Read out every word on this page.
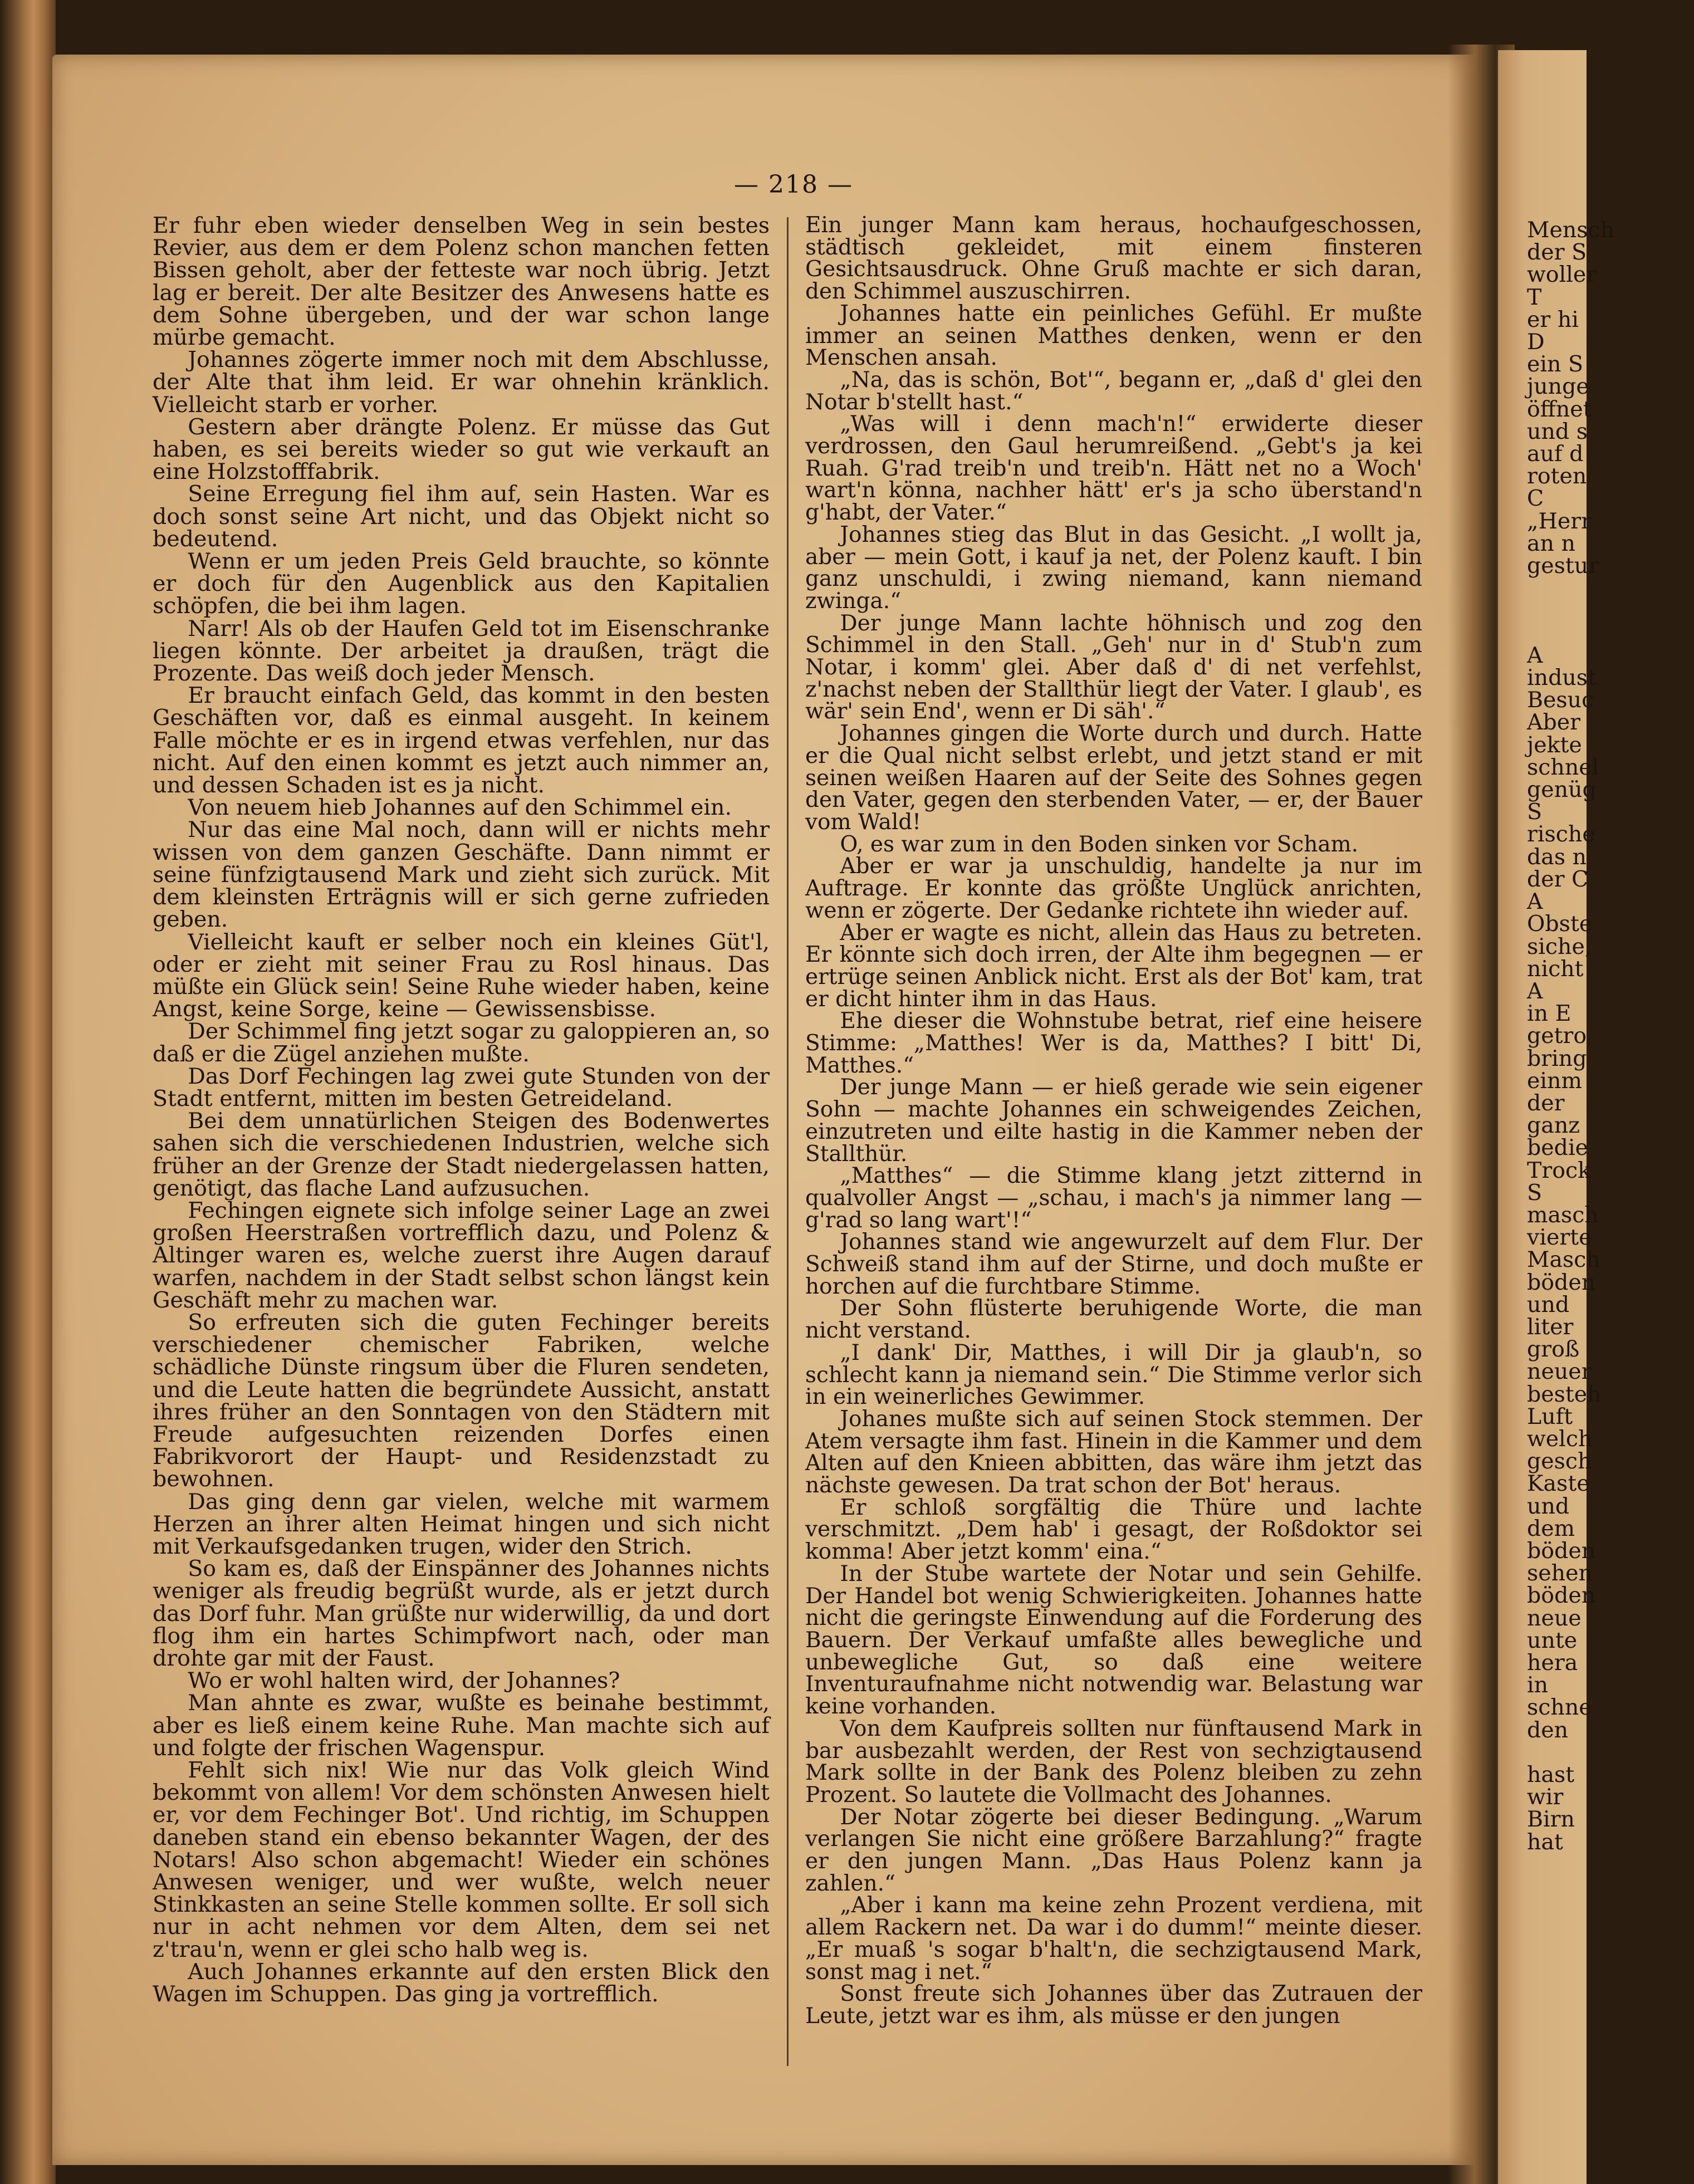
Mensch
der S
woller
T
er hi
D
ein S
junge
öffnet
und s
auf d
roten
C
„Herr
an n
gestur

A
indust
Besuc
Aber
jekte
schnel
genüg
S
rische
das n
der C
A
Obste
siche,
nicht
A
in E
getro
bring
einm
der
ganz
bedie
Trock
S
masch
vierte
Masch
böden
und
liter
groß
neuer
besteh
Luft
welch
gesch
Kaste
und
dem
böden
sehen
böden
neue
unte
hera
in
schne
den

hast
wir
Birn
hat
— 218 —

Er fuhr eben wieder denselben Weg in sein bestes Revier, aus dem er dem Polenz schon manchen fetten Bissen geholt, aber der fetteste war noch übrig. Jetzt lag er bereit. Der alte Besitzer des Anwesens hatte es dem Sohne übergeben, und der war schon lange mürbe gemacht.

Johannes zögerte immer noch mit dem Abschlusse, der Alte that ihm leid. Er war ohnehin kränklich. Vielleicht starb er vorher.

Gestern aber drängte Polenz. Er müsse das Gut haben, es sei bereits wieder so gut wie verkauft an eine Holzstofffabrik.

Seine Erregung fiel ihm auf, sein Hasten. War es doch sonst seine Art nicht, und das Objekt nicht so bedeutend.

Wenn er um jeden Preis Geld brauchte, so könnte er doch für den Augenblick aus den Kapitalien schöpfen, die bei ihm lagen.

Narr! Als ob der Haufen Geld tot im Eisenschranke liegen könnte. Der arbeitet ja draußen, trägt die Prozente. Das weiß doch jeder Mensch.

Er braucht einfach Geld, das kommt in den besten Geschäften vor, daß es einmal ausgeht. In keinem Falle möchte er es in irgend etwas verfehlen, nur das nicht. Auf den einen kommt es jetzt auch nimmer an, und dessen Schaden ist es ja nicht.

Von neuem hieb Johannes auf den Schimmel ein.

Nur das eine Mal noch, dann will er nichts mehr wissen von dem ganzen Geschäfte. Dann nimmt er seine fünfzigtausend Mark und zieht sich zurück. Mit dem kleinsten Erträgnis will er sich gerne zufrieden geben.

Vielleicht kauft er selber noch ein kleines Güt'l, oder er zieht mit seiner Frau zu Rosl hinaus. Das müßte ein Glück sein! Seine Ruhe wieder haben, keine Angst, keine Sorge, keine — Gewissensbisse.

Der Schimmel fing jetzt sogar zu galoppieren an, so daß er die Zügel anziehen mußte.

Das Dorf Fechingen lag zwei gute Stunden von der Stadt entfernt, mitten im besten Getreideland.

Bei dem unnatürlichen Steigen des Bodenwertes sahen sich die verschiedenen Industrien, welche sich früher an der Grenze der Stadt niedergelassen hatten, genötigt, das flache Land aufzusuchen.

Fechingen eignete sich infolge seiner Lage an zwei großen Heerstraßen vortrefflich dazu, und Polenz & Altinger waren es, welche zuerst ihre Augen darauf warfen, nachdem in der Stadt selbst schon längst kein Geschäft mehr zu machen war.

So erfreuten sich die guten Fechinger bereits verschiedener chemischer Fabriken, welche schädliche Dünste ringsum über die Fluren sendeten, und die Leute hatten die begründete Aussicht, anstatt ihres früher an den Sonntagen von den Städtern mit Freude aufgesuchten reizenden Dorfes einen Fabrikvorort der Haupt- und Residenzstadt zu bewohnen.

Das ging denn gar vielen, welche mit warmem Herzen an ihrer alten Heimat hingen und sich nicht mit Verkaufsgedanken trugen, wider den Strich.

So kam es, daß der Einspänner des Johannes nichts weniger als freudig begrüßt wurde, als er jetzt durch das Dorf fuhr. Man grüßte nur widerwillig, da und dort flog ihm ein hartes Schimpfwort nach, oder man drohte gar mit der Faust.

Wo er wohl halten wird, der Johannes?

Man ahnte es zwar, wußte es beinahe bestimmt, aber es ließ einem keine Ruhe. Man machte sich auf und folgte der frischen Wagenspur.

Fehlt sich nix! Wie nur das Volk gleich Wind bekommt von allem! Vor dem schönsten Anwesen hielt er, vor dem Fechinger Bot'. Und richtig, im Schuppen daneben stand ein ebenso bekannter Wagen, der des Notars! Also schon abgemacht! Wieder ein schönes Anwesen weniger, und wer wußte, welch neuer Stinkkasten an seine Stelle kommen sollte. Er soll sich nur in acht nehmen vor dem Alten, dem sei net z'trau'n, wenn er glei scho halb weg is.

Auch Johannes erkannte auf den ersten Blick den Wagen im Schuppen. Das ging ja vortrefflich.

Ein junger Mann kam heraus, hochaufgeschossen, städtisch gekleidet, mit einem finsteren Gesichtsausdruck. Ohne Gruß machte er sich daran, den Schimmel auszuschirren.

Johannes hatte ein peinliches Gefühl. Er mußte immer an seinen Matthes denken, wenn er den Menschen ansah.

„Na, das is schön, Bot'“, begann er, „daß d' glei den Notar b'stellt hast.“

„Was will i denn mach'n!“ erwiderte dieser verdrossen, den Gaul herumreißend. „Gebt's ja kei Ruah. G'rad treib'n und treib'n. Hätt net no a Woch' wart'n könna, nachher hätt' er's ja scho überstand'n g'habt, der Vater.“

Johannes stieg das Blut in das Gesicht. „I wollt ja, aber — mein Gott, i kauf ja net, der Polenz kauft. I bin ganz unschuldi, i zwing niemand, kann niemand zwinga.“

Der junge Mann lachte höhnisch und zog den Schimmel in den Stall. „Geh' nur in d' Stub'n zum Notar, i komm' glei. Aber daß d' di net verfehlst, z'nachst neben der Stallthür liegt der Vater. I glaub', es wär' sein End', wenn er Di säh'.“

Johannes gingen die Worte durch und durch. Hatte er die Qual nicht selbst erlebt, und jetzt stand er mit seinen weißen Haaren auf der Seite des Sohnes gegen den Vater, gegen den sterbenden Vater, — er, der Bauer vom Wald!

O, es war zum in den Boden sinken vor Scham.

Aber er war ja unschuldig, handelte ja nur im Auftrage. Er konnte das größte Unglück anrichten, wenn er zögerte. Der Gedanke richtete ihn wieder auf.

Aber er wagte es nicht, allein das Haus zu betreten. Er könnte sich doch irren, der Alte ihm begegnen — er ertrüge seinen Anblick nicht. Erst als der Bot' kam, trat er dicht hinter ihm in das Haus.

Ehe dieser die Wohnstube betrat, rief eine heisere Stimme: „Matthes! Wer is da, Matthes? I bitt' Di, Matthes.“

Der junge Mann — er hieß gerade wie sein eigener Sohn — machte Johannes ein schweigendes Zeichen, einzutreten und eilte hastig in die Kammer neben der Stallthür.

„Matthes“ — die Stimme klang jetzt zitternd in qualvoller Angst — „schau, i mach's ja nimmer lang — g'rad so lang wart'!“

Johannes stand wie angewurzelt auf dem Flur. Der Schweiß stand ihm auf der Stirne, und doch mußte er horchen auf die furchtbare Stimme.

Der Sohn flüsterte beruhigende Worte, die man nicht verstand.

„I dank' Dir, Matthes, i will Dir ja glaub'n, so schlecht kann ja niemand sein.“ Die Stimme verlor sich in ein weinerliches Gewimmer.

Johanes mußte sich auf seinen Stock stemmen. Der Atem versagte ihm fast. Hinein in die Kammer und dem Alten auf den Knieen abbitten, das wäre ihm jetzt das nächste gewesen. Da trat schon der Bot' heraus.

Er schloß sorgfältig die Thüre und lachte verschmitzt. „Dem hab' i gesagt, der Roßdoktor sei komma! Aber jetzt komm' eina.“

In der Stube wartete der Notar und sein Gehilfe. Der Handel bot wenig Schwierigkeiten. Johannes hatte nicht die geringste Einwendung auf die Forderung des Bauern. Der Verkauf umfaßte alles bewegliche und unbewegliche Gut, so daß eine weitere Inventuraufnahme nicht notwendig war. Belastung war keine vorhanden.

Von dem Kaufpreis sollten nur fünftausend Mark in bar ausbezahlt werden, der Rest von sechzigtausend Mark sollte in der Bank des Polenz bleiben zu zehn Prozent. So lautete die Vollmacht des Johannes.

Der Notar zögerte bei dieser Bedingung. „Warum verlangen Sie nicht eine größere Barzahlung?“ fragte er den jungen Mann. „Das Haus Polenz kann ja zahlen.“

„Aber i kann ma keine zehn Prozent verdiena, mit allem Rackern net. Da war i do dumm!“ meinte dieser. „Er muaß 's sogar b'halt'n, die sechzigtausend Mark, sonst mag i net.“

Sonst freute sich Johannes über das Zutrauen der Leute, jetzt war es ihm, als müsse er den jungen
